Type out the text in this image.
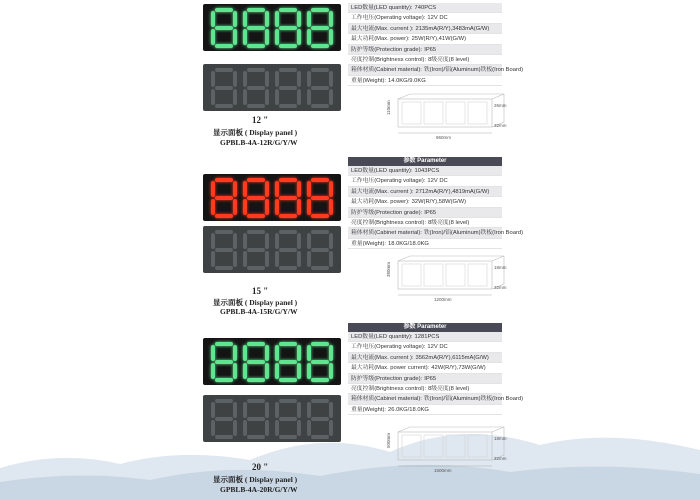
12 "
显示面板 ( Display panel )
GPBLB-4A-12R/G/Y/W
LED数量(LED quantity): 740PCS
工作电压(Operating voltage): 12V DC
最大电流(Max. current ): 2135mA(R/Y),3483mA(G/W)
最大功耗(Max. power): 25W(R/Y),41W(G/W)
防护等级(Protection grade): IP65
亮度控制(Brightness control): 8级亮度(8 level)
箱体材质(Cabinet material): 铁(Iron)/铝(Aluminum)铁板(Iron Board)
重量(Weight): 14.0KG/9.0KG
110mm
960mm
26mm
32mm
15 "
显示面板 ( Display panel )
GPBLB-4A-15R/G/Y/W
参数 Parameter
LED数量(LED quantity): 1043PCS
工作电压(Operating voltage): 12V DC
最大电流(Max. current ): 2712mA(R/Y),4819mA(G/W)
最大功耗(Max. power): 32W(R/Y),58W(G/W)
防护等级(Protection grade): IP65
亮度控制(Brightness control): 8级亮度(8 level)
箱体材质(Cabinet material): 铁(Iron)/铝(Aluminum)铁板(Iron Board)
重量(Weight): 18.0KG/18.0KG
380mm
1200mm
18mm
32mm
20 "
显示面板 ( Display panel )
GPBLB-4A-20R/G/Y/W
参数 Parameter
LED数量(LED quantity): 1281PCS
工作电压(Operating voltage): 12V DC
最大电流(Max. current ): 3562mA(R/Y),6115mA(G/W)
最大功耗(Max. power current): 42W(R/Y),73W(G/W)
防护等级(Protection grade): IP65
亮度控制(Brightness control): 8级亮度(8 level)
箱体材质(Cabinet material): 铁(Iron)/铝(Aluminum)铁板(Iron Board)
重量(Weight): 26.0KG/18.0KG
500mm
1500mm
18mm
32mm
